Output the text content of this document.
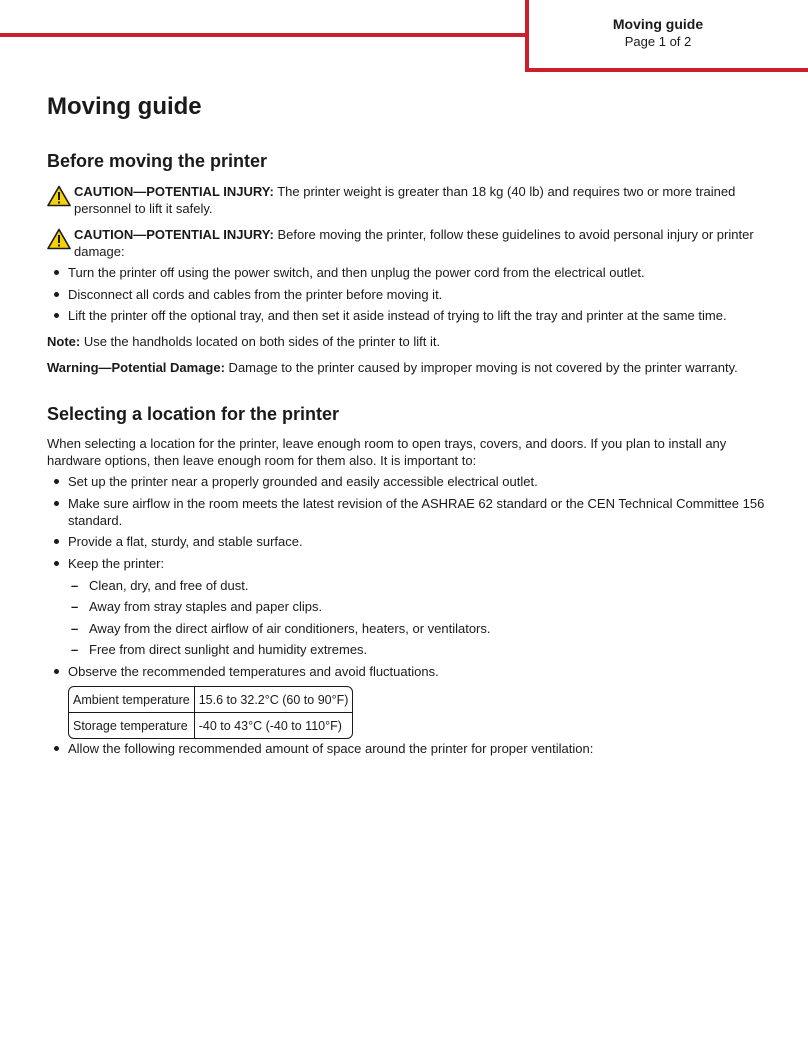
Moving guide
Page 1 of 2
Moving guide
Before moving the printer

CAUTION—POTENTIAL INJURY: The printer weight is greater than 18 kg (40 lb) and requires two or more trained personnel to lift it safely.

CAUTION—POTENTIAL INJURY: Before moving the printer, follow these guidelines to avoid personal injury or printer damage:

Turn the printer off using the power switch, and then unplug the power cord from the electrical outlet.
Disconnect all cords and cables from the printer before moving it.
Lift the printer off the optional tray, and then set it aside instead of trying to lift the tray and printer at the same time.

Note: Use the handholds located on both sides of the printer to lift it.

Warning—Potential Damage: Damage to the printer caused by improper moving is not covered by the printer warranty.

Selecting a location for the printer

When selecting a location for the printer, leave enough room to open trays, covers, and doors. If you plan to install any hardware options, then leave enough room for them also. It is important to:

Set up the printer near a properly grounded and easily accessible electrical outlet.
Make sure airflow in the room meets the latest revision of the ASHRAE 62 standard or the CEN Technical Committee 156 standard.
Provide a flat, sturdy, and stable surface.
Keep the printer:
– Clean, dry, and free of dust.
– Away from stray staples and paper clips.
– Away from the direct airflow of air conditioners, heaters, or ventilators.
– Free from direct sunlight and humidity extremes.
Observe the recommended temperatures and avoid fluctuations.
Ambient temperature	15.6 to 32.2°C (60 to 90°F)
Storage temperature	-40 to 43°C (-40 to 110°F)
Allow the following recommended amount of space around the printer for proper ventilation:
